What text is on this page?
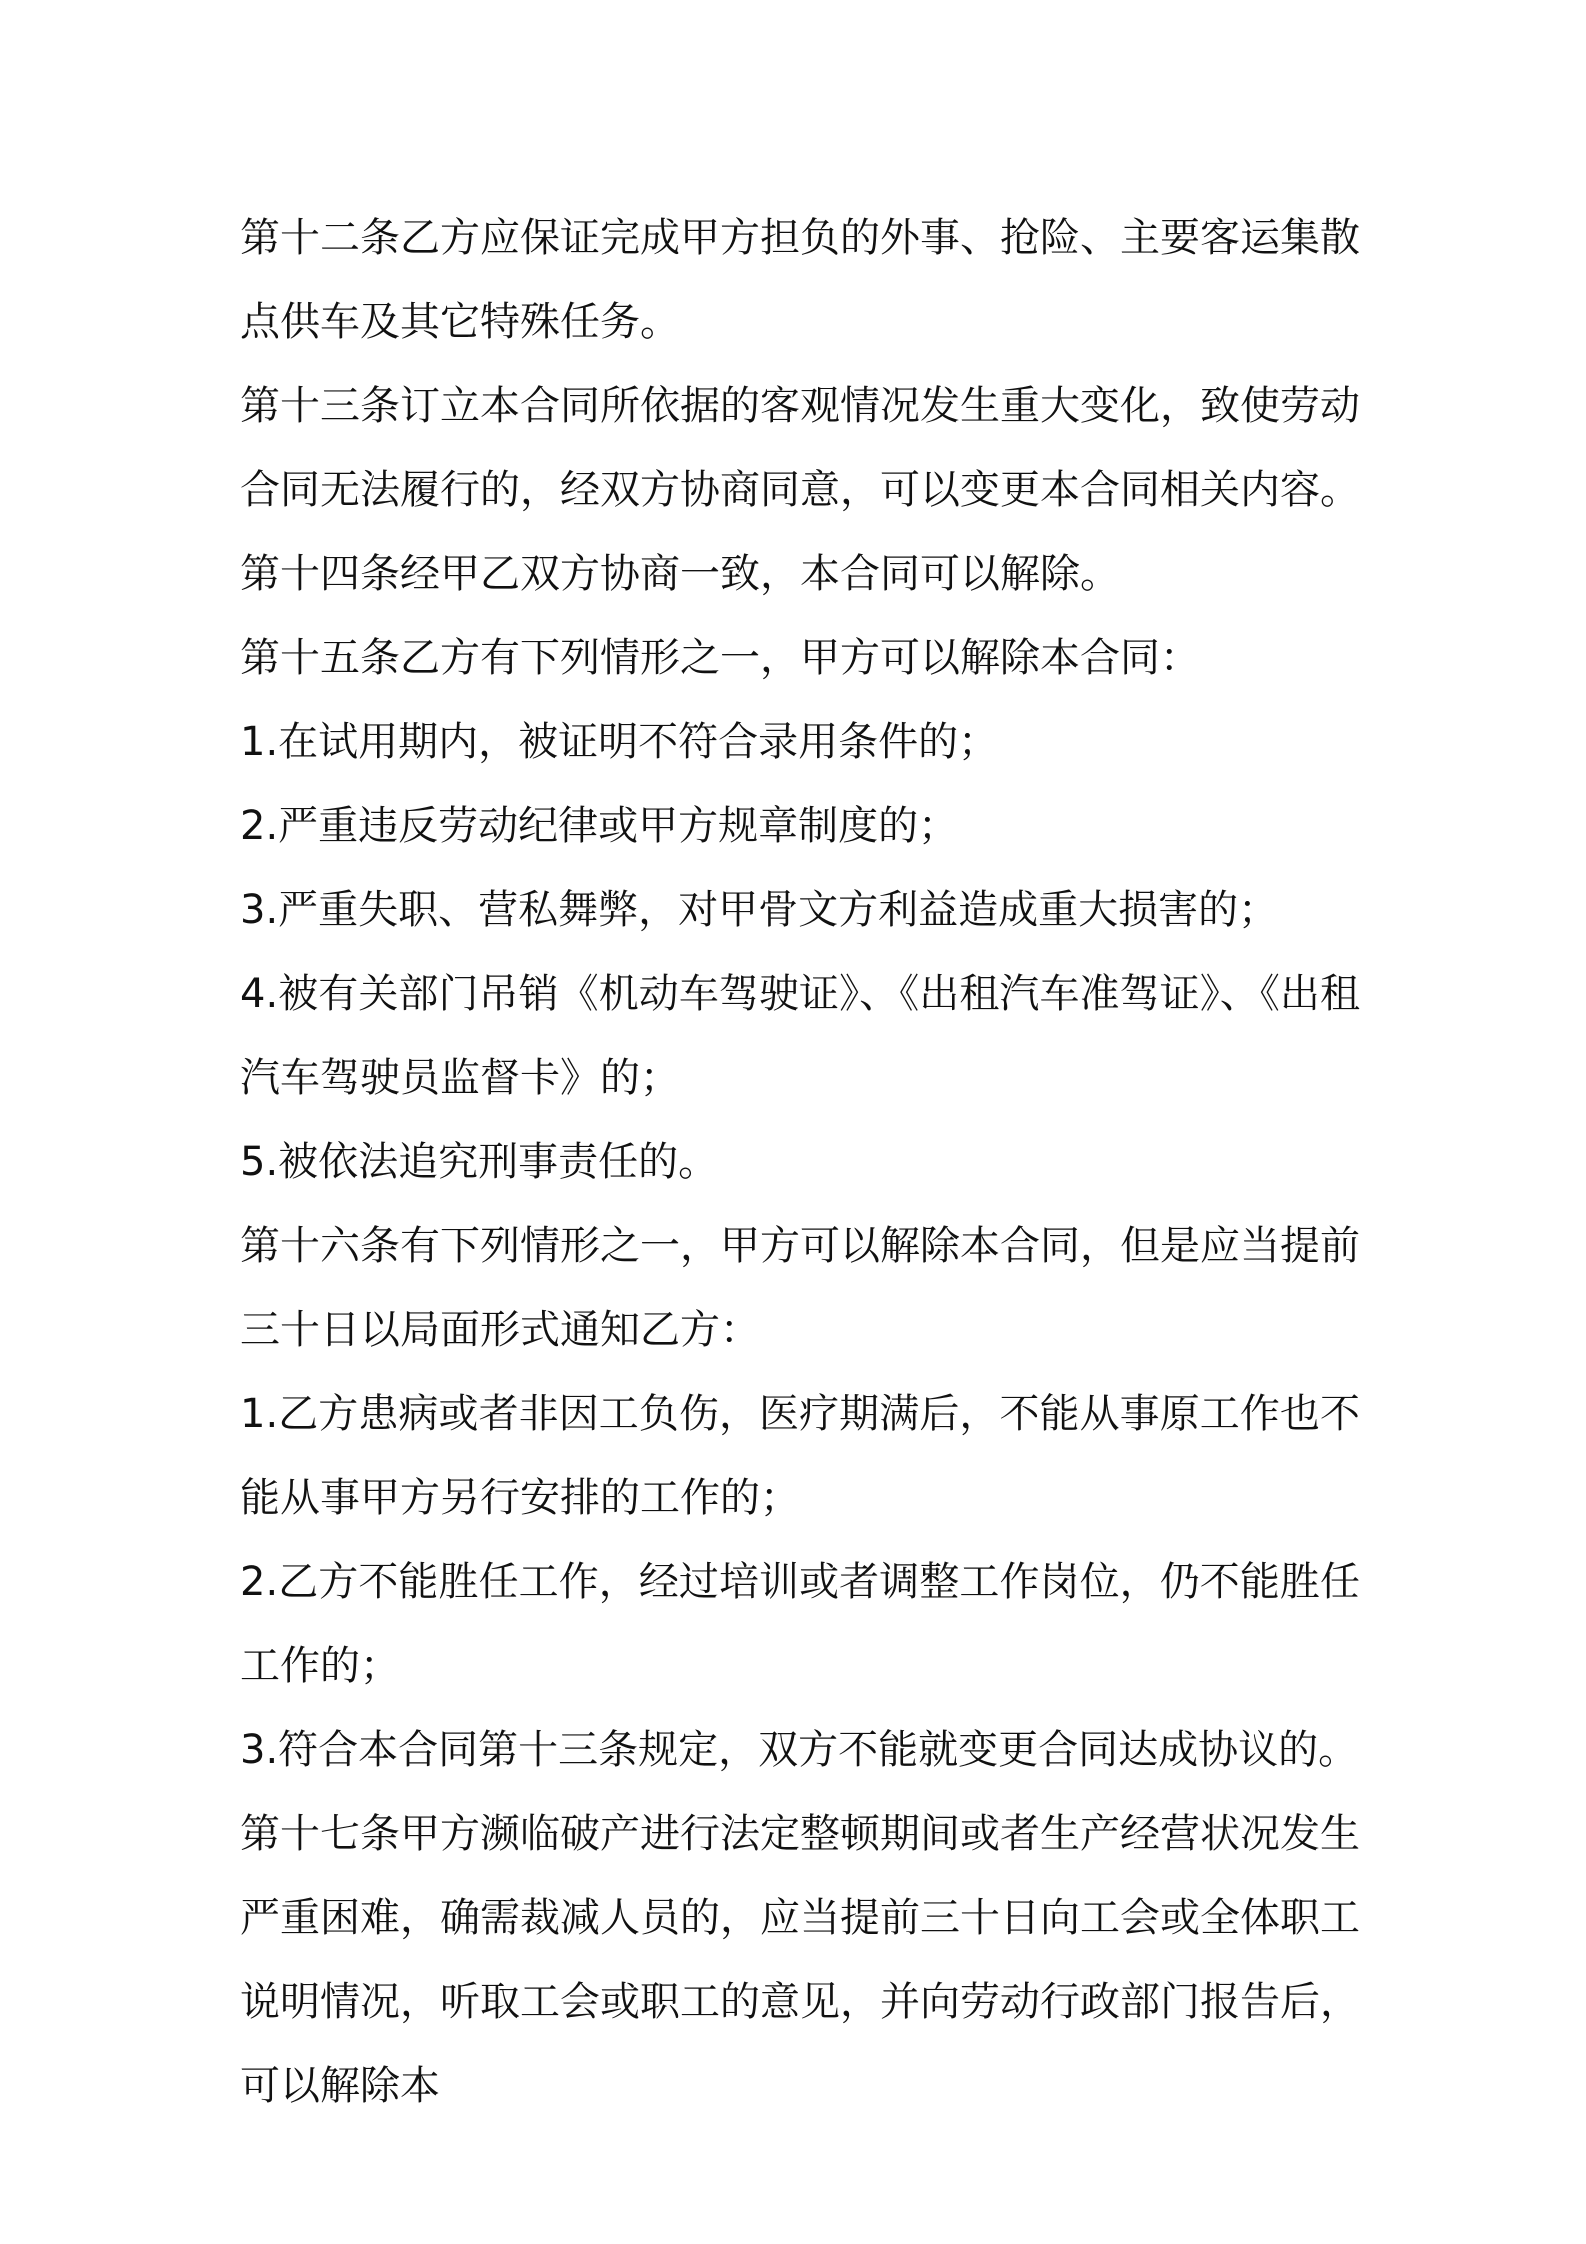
第十二条乙方应保证完成甲方担负的外事、抢险、主要客运集散点供车及其它特殊任务。

第十三条订立本合同所依据的客观情况发生重大变化，致使劳动合同无法履行的，经双方协商同意，可以变更本合同相关内容。

第十四条经甲乙双方协商一致，本合同可以解除。

第十五条乙方有下列情形之一，甲方可以解除本合同：

1.在试用期内，被证明不符合录用条件的；

2.严重违反劳动纪律或甲方规章制度的；

3.严重失职、营私舞弊，对甲骨文方利益造成重大损害的；

4.被有关部门吊销《机动车驾驶证》、《出租汽车准驾证》、《出租汽车驾驶员监督卡》的；

5.被依法追究刑事责任的。

第十六条有下列情形之一，甲方可以解除本合同，但是应当提前三十日以局面形式通知乙方：

1.乙方患病或者非因工负伤，医疗期满后，不能从事原工作也不能从事甲方另行安排的工作的；

2.乙方不能胜任工作，经过培训或者调整工作岗位，仍不能胜任工作的；

3.符合本合同第十三条规定，双方不能就变更合同达成协议的。

第十七条甲方濒临破产进行法定整顿期间或者生产经营状况发生严重困难，确需裁减人员的，应当提前三十日向工会或全体职工说明情况，听取工会或职工的意见，并向劳动行政部门报告后，可以解除本
